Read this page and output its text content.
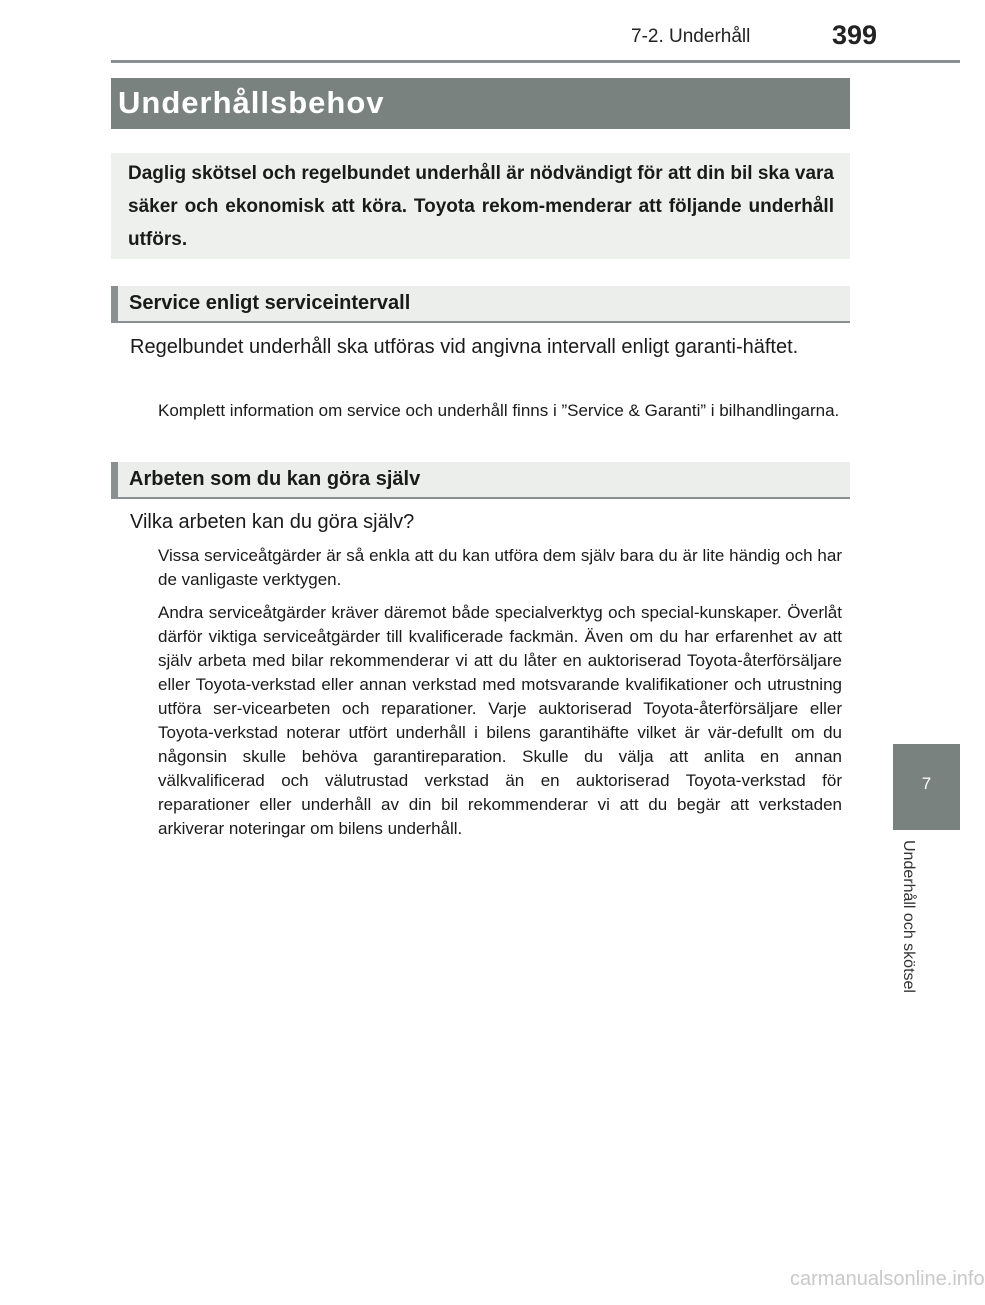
7-2. Underhåll	399
Underhållsbehov
Daglig skötsel och regelbundet underhåll är nödvändigt för att din bil ska vara säker och ekonomisk att köra. Toyota rekom-menderar att följande underhåll utförs.
Service enligt serviceintervall
Regelbundet underhåll ska utföras vid angivna intervall enligt garanti-häftet.
Komplett information om service och underhåll finns i ”Service & Garanti” i bilhandlingarna.
Arbeten som du kan göra själv
Vilka arbeten kan du göra själv?
Vissa serviceåtgärder är så enkla att du kan utföra dem själv bara du är lite händig och har de vanligaste verktygen.
Andra serviceåtgärder kräver däremot både specialverktyg och special-kunskaper. Överlåt därför viktiga serviceåtgärder till kvalificerade fackmän. Även om du har erfarenhet av att själv arbeta med bilar rekommenderar vi att du låter en auktoriserad Toyota-återförsäljare eller Toyota-verkstad eller annan verkstad med motsvarande kvalifikationer och utrustning utföra ser-vicearbeten och reparationer. Varje auktoriserad Toyota-återförsäljare eller Toyota-verkstad noterar utfört underhåll i bilens garantihäfte vilket är vär-defullt om du någonsin skulle behöva garantireparation. Skulle du välja att anlita en annan välkvalificerad och välutrustad verkstad än en auktoriserad Toyota-verkstad för reparationer eller underhåll av din bil rekommenderar vi att du begär att verkstaden arkiverar noteringar om bilens underhåll.
7
Underhåll och skötsel
carmanualsonline.info
